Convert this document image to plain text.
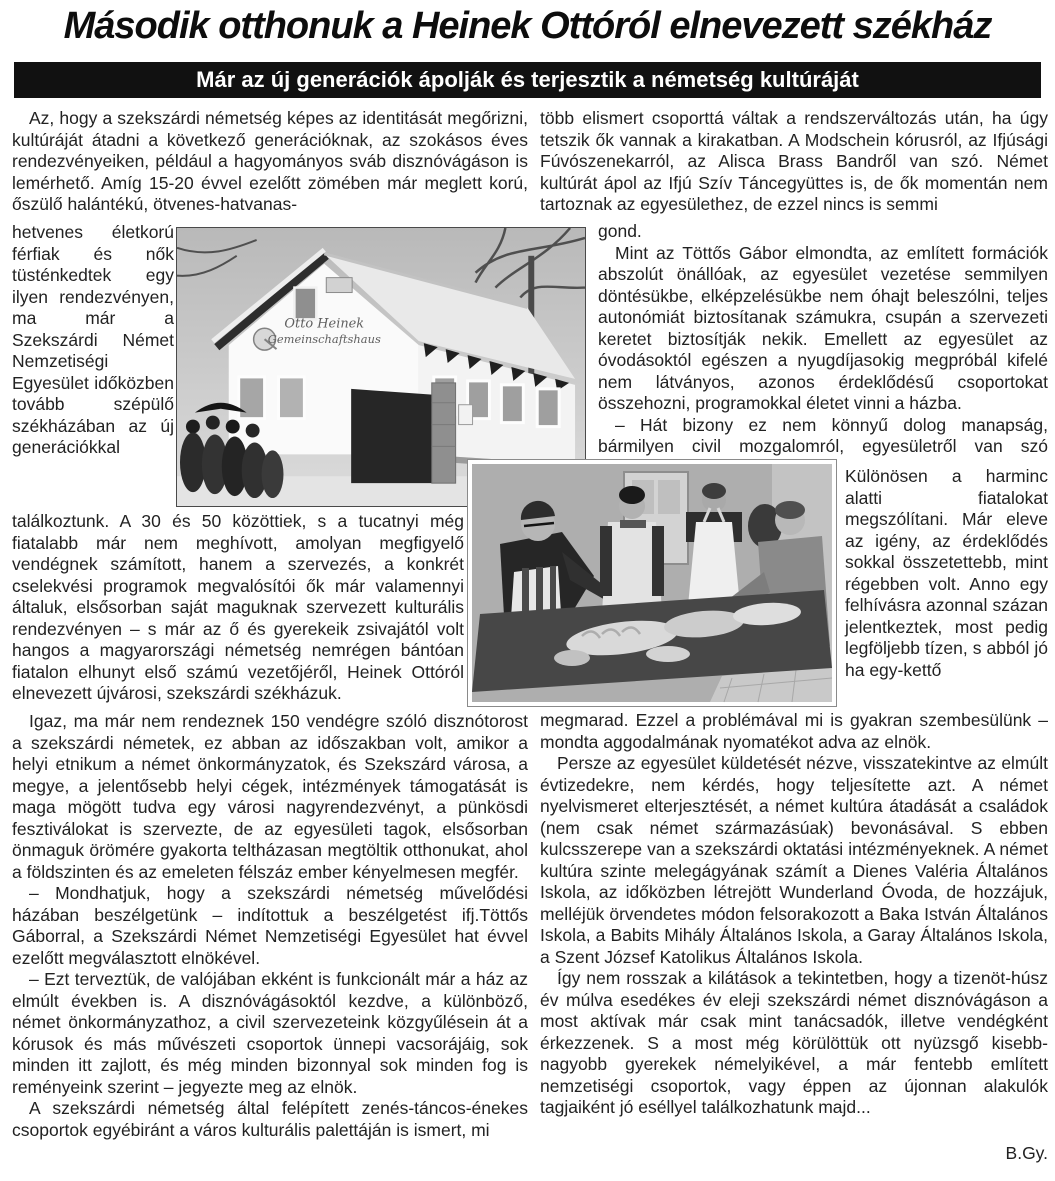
Második otthonuk a Heinek Ottóról elnevezett székház
Már az új generációk ápolják és terjesztik a németség kultúráját

Az, hogy a szekszárdi németség képes az identitását megőrizni, kultúráját átadni a következő generációknak, az szokásos éves rendezvényeiken, például a hagyományos sváb disznóvágáson is lemérhető. Amíg 15-20 évvel ezelőtt zömében már meglett korú, őszülő halántékú, ötvenes-hatvanas-

hetvenes életkorú férfiak és nők tüsténkedtek egy ilyen rendezvényen, ma már a Szekszárdi Német Nemzetiségi Egyesület időközben tovább szépülő székházában az új generációkkal

találkoztunk. A 30 és 50 közöttiek, s a tucatnyi még fiatalabb már nem meghívott, amolyan megfigyelő vendégnek számított, hanem a szervezés, a konkrét cselekvési programok megvalósítói ők már valamennyi általuk, elsősorban saját maguknak szervezett kulturális rendezvényen – s már az ő és gyerekeik zsivajától volt hangos a magyarországi németség nemrégen bántóan fiatalon elhunyt első számú vezetőjéről, Heinek Ottóról elnevezett újvárosi, szekszárdi székházuk.

Igaz, ma már nem rendeznek 150 vendégre szóló disznótorost a szekszárdi németek, ez abban az időszakban volt, amikor a helyi etnikum a német önkormányzatok, és Szekszárd városa, a megye, a jelentősebb helyi cégek, intézmények támogatását is maga mögött tudva egy városi nagyrendezvényt, a pünkösdi fesztiválokat is szervezte, de az egyesületi tagok, elsősorban önmaguk örömére gyakorta teltházasan megtöltik otthonukat, ahol a földszinten és az emeleten félszáz ember kényelmesen megfér.

– Mondhatjuk, hogy a szekszárdi németség művelődési házában beszélgetünk – indítottuk a beszélgetést ifj.Töttős Gáborral, a Szekszárdi Német Nemzetiségi Egyesület hat évvel ezelőtt megválasztott elnökével.

– Ezt terveztük, de valójában ekként is funkcionált már a ház az elmúlt években is. A disznóvágásoktól kezdve, a különböző, német önkormányzathoz, a civil szervezeteink közgyűlésein át a kórusok és más művészeti csoportok ünnepi vacsorájáig, sok minden itt zajlott, és még minden bizonnyal sok minden fog is reményeink szerint – jegyezte meg az elnök.

A szekszárdi németség által felépített zenés-táncos-énekes csoportok egyébiránt a város kulturális palettáján is ismert, mi

több elismert csoporttá váltak a rendszerváltozás után, ha úgy tetszik ők vannak a kirakatban. A Modschein kórusról, az Ifjúsági Fúvószenekarról, az Alisca Brass Bandről van szó. Német kultúrát ápol az Ifjú Szív Táncegyüttes is, de ők momentán nem tartoznak az egyesülethez, de ezzel nincs is semmi

gond.

Mint az Töttős Gábor elmondta, az említett formációk abszolút önállóak, az egyesület vezetése semmilyen döntésükbe, elképzelésükbe nem óhajt beleszólni, teljes autonómiát biztosítanak számukra, csupán a szervezeti keretet biztosítják nekik. Emellett az egyesület az óvodásoktól egészen a nyugdíjasokig megpróbál kifelé nem látványos, azonos érdeklődésű csoportokat összehozni, programokkal életet vinni a házba.

– Hát bizony ez nem könnyű dolog manapság, bármilyen civil mozgalomról, egyesületről van szó

Különösen a harminc alatti fiatalokat megszólítani. Már eleve az igény, az érdeklődés sokkal összetettebb, mint régebben volt. Anno egy felhívásra azonnal százan jelentkeztek, most pedig legföljebb tízen, s abból jó ha egy-kettő

megmarad. Ezzel a problémával mi is gyakran szembesülünk – mondta aggodalmának nyomatékot adva az elnök.

Persze az egyesület küldetését nézve, visszatekintve az elmúlt évtizedekre, nem kérdés, hogy teljesítette azt. A német nyelvismeret elterjesztését, a német kultúra átadását a családok (nem csak német származásúak) bevonásával. S ebben kulcsszerepe van a szekszárdi oktatási intézményeknek. A német kultúra szinte melegágyának számít a Dienes Valéria Általános Iskola, az időközben létrejött Wunderland Óvoda, de hozzájuk, melléjük örvendetes módon felsorakozott a Baka István Általános Iskola, a Babits Mihály Általános Iskola, a Garay Általános Iskola, a Szent József Katolikus Általános Iskola.

Így nem rosszak a kilátások a tekintetben, hogy a tizenöt-húsz év múlva esedékes év eleji szekszárdi német disznóvágáson a most aktívak már csak mint tanácsadók, illetve vendégként érkezzenek. S a most még körülöttük ott nyüzsgő kisebb-nagyobb gyerekek némelyikével, a már fentebb említett nemzetiségi csoportok, vagy éppen az újonnan alakulók tagjaiként jó eséllyel találkozhatunk majd...

B.Gy.
Otto Heinek
Gemeinschaftshaus
